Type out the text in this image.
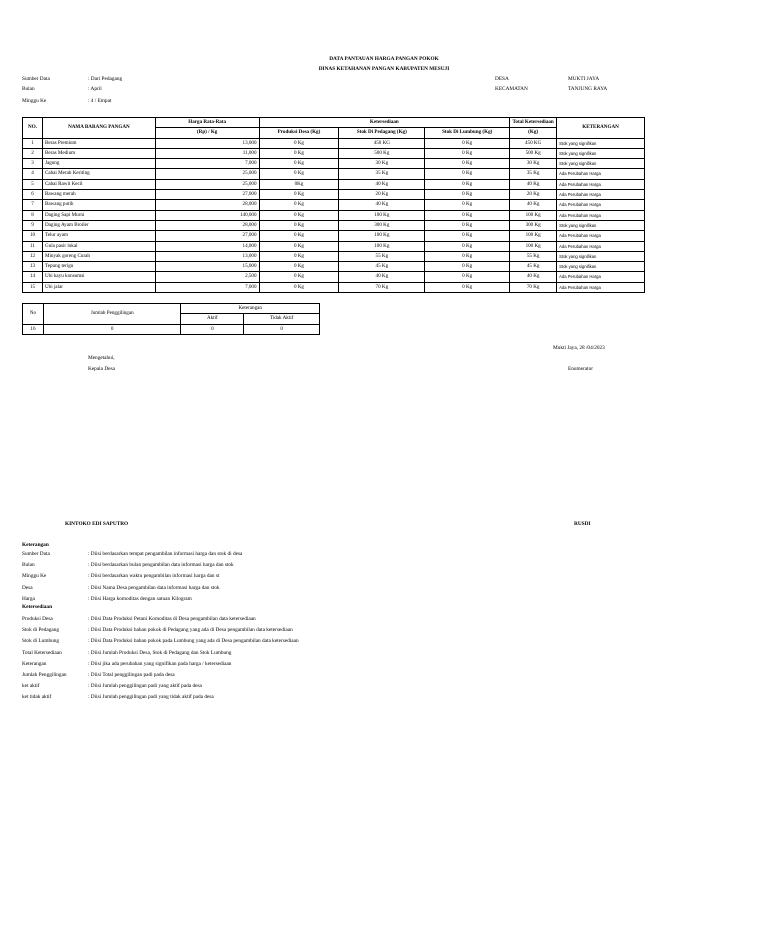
DATA PANTAUAN HARGA PANGAN POKOK
DINAS KETAHANAN PANGAN KABUPATEN MESUJI
Sumber Data	: Dari Pedagang
Bulan	: April
Minggu Ke	: 4 / Empat
DESA	MUKTI JAYA
KECAMATAN	TANJUNG RAYA
NO.	NAMA BARANG PANGAN	Harga Rata-Rata	Ketersediaan			Total Ketersediaan	KETERANGAN
		(Rp) / Kg	Produksi Desa (Kg)	Stok Di Pedagang (Kg)	Stok Di Lumbung (Kg)	(Kg)	
1	Beras Premium	13,000	0 Kg	450 KG	0 Kg	450 KG	Stok yang signifikan
2	Beras Medium	11,000	0 Kg	500 Kg	0 Kg	500 Kg	Stok yang signifikan
3	Jagung	7,000	0 Kg	30 Kg	0 Kg	30 Kg	Stok yang signifikan
4	Cabai Merah Keriting	25,000	0 Kg	35 Kg	0 Kg	35 Kg	Ada Perubahan Harga
5	Cabai Rawit Kecil	25,000	0Kg	40 Kg	0 Kg	40 Kg	Ada Perubahan Harga
6	Bawang merah	27,000	0 Kg	20 Kg	0 Kg	20 Kg	Ada Perubahan Harga
7	Bawang putih	28,000	0 Kg	40 Kg	0 Kg	40 Kg	Ada Perubahan Harga
8	Daging Sapi Murni	140,000	0 Kg	100 Kg	0 Kg	100 Kg	Ada Perubahan Harga
9	Daging Ayam Broiler	28,000	0 Kg	300 Kg	0 Kg	300 Kg	Stok yang signifikan
10	Telur ayam	27,000	0 Kg	100 Kg	0 Kg	100 Kg	Ada Perubahan Harga
11	Gula pasir lokal	14,000	0 Kg	100 Kg	0 Kg	100 Kg	Ada Perubahan Harga
12	Minyak goreng Curah	13,000	0 Kg	55 Kg	0 Kg	55 Kg	Stok yang signifikan
13	Tepung terigu	15,000	0 Kg	45 Kg	0 Kg	45 Kg	Stok yang signifikan
14	Ubi kayu konsumsi	2,500	0 Kg	40 Kg	0 Kg	40 Kg	Ada Perubahan Harga
15	Ubi jalar	7,000	0 Kg	70 Kg	0 Kg	70 Kg	Ada Perubahan Harga
No	Jumlah Penggilingan	Keterangan	
		Aktif	Tidak Aktif
16	0	0	0
Mukti Jaya, 28 /04/2023
Mengetahui,
Kepala Desa	Enumerator
KINTOKO EDI SAPUTRO	RUSDI
Keterangan
Sumber Data	: Diisi berdasarkan tempat pengambilan informasi harga dan stok di desa
Bulan	: Diisi berdasarkan bulan pengambilan data informasi harga dan stok
Minggu Ke	: Diisi berdasarkan waktu pengambilan informasi harga dan st
Desa	: Diisi Nama Desa pengambilan data informasi harga dan stok
Harga	: Diisi Harga komoditas dengan satuan Kilogram
Ketersediaan
Produksi Desa	: Diisi Data Produksi Petani Komoditas di Desa pengambilan data ketersediaan
Stok di Pedagang	: Diisi Data Produksi bahan pokok di Pedagang yang ada di Desa pengambilan data ketersediaan
Stok di Lumbung	: Diisi Data Produksi bahan pokok pada Lumbung yang ada di Desa pengambilan data ketersediaan
Total Ketersediaan	: Diisi Jumlah Produksi Desa, Stok di Pedagang dan Stok Lumbung
Keterangan	: Diisi jika ada perubahan yang signifikan pada harga / ketersediaan
Jumlah Penggilingan	: Diisi Total penggilingan padi pada desa
ket aktif	: Diisi Jumlah penggilingan padi yang aktif pada desa
ket tidak aktif	: Diisi Jumlah penggilingan padi yang tidak aktif pada desa
